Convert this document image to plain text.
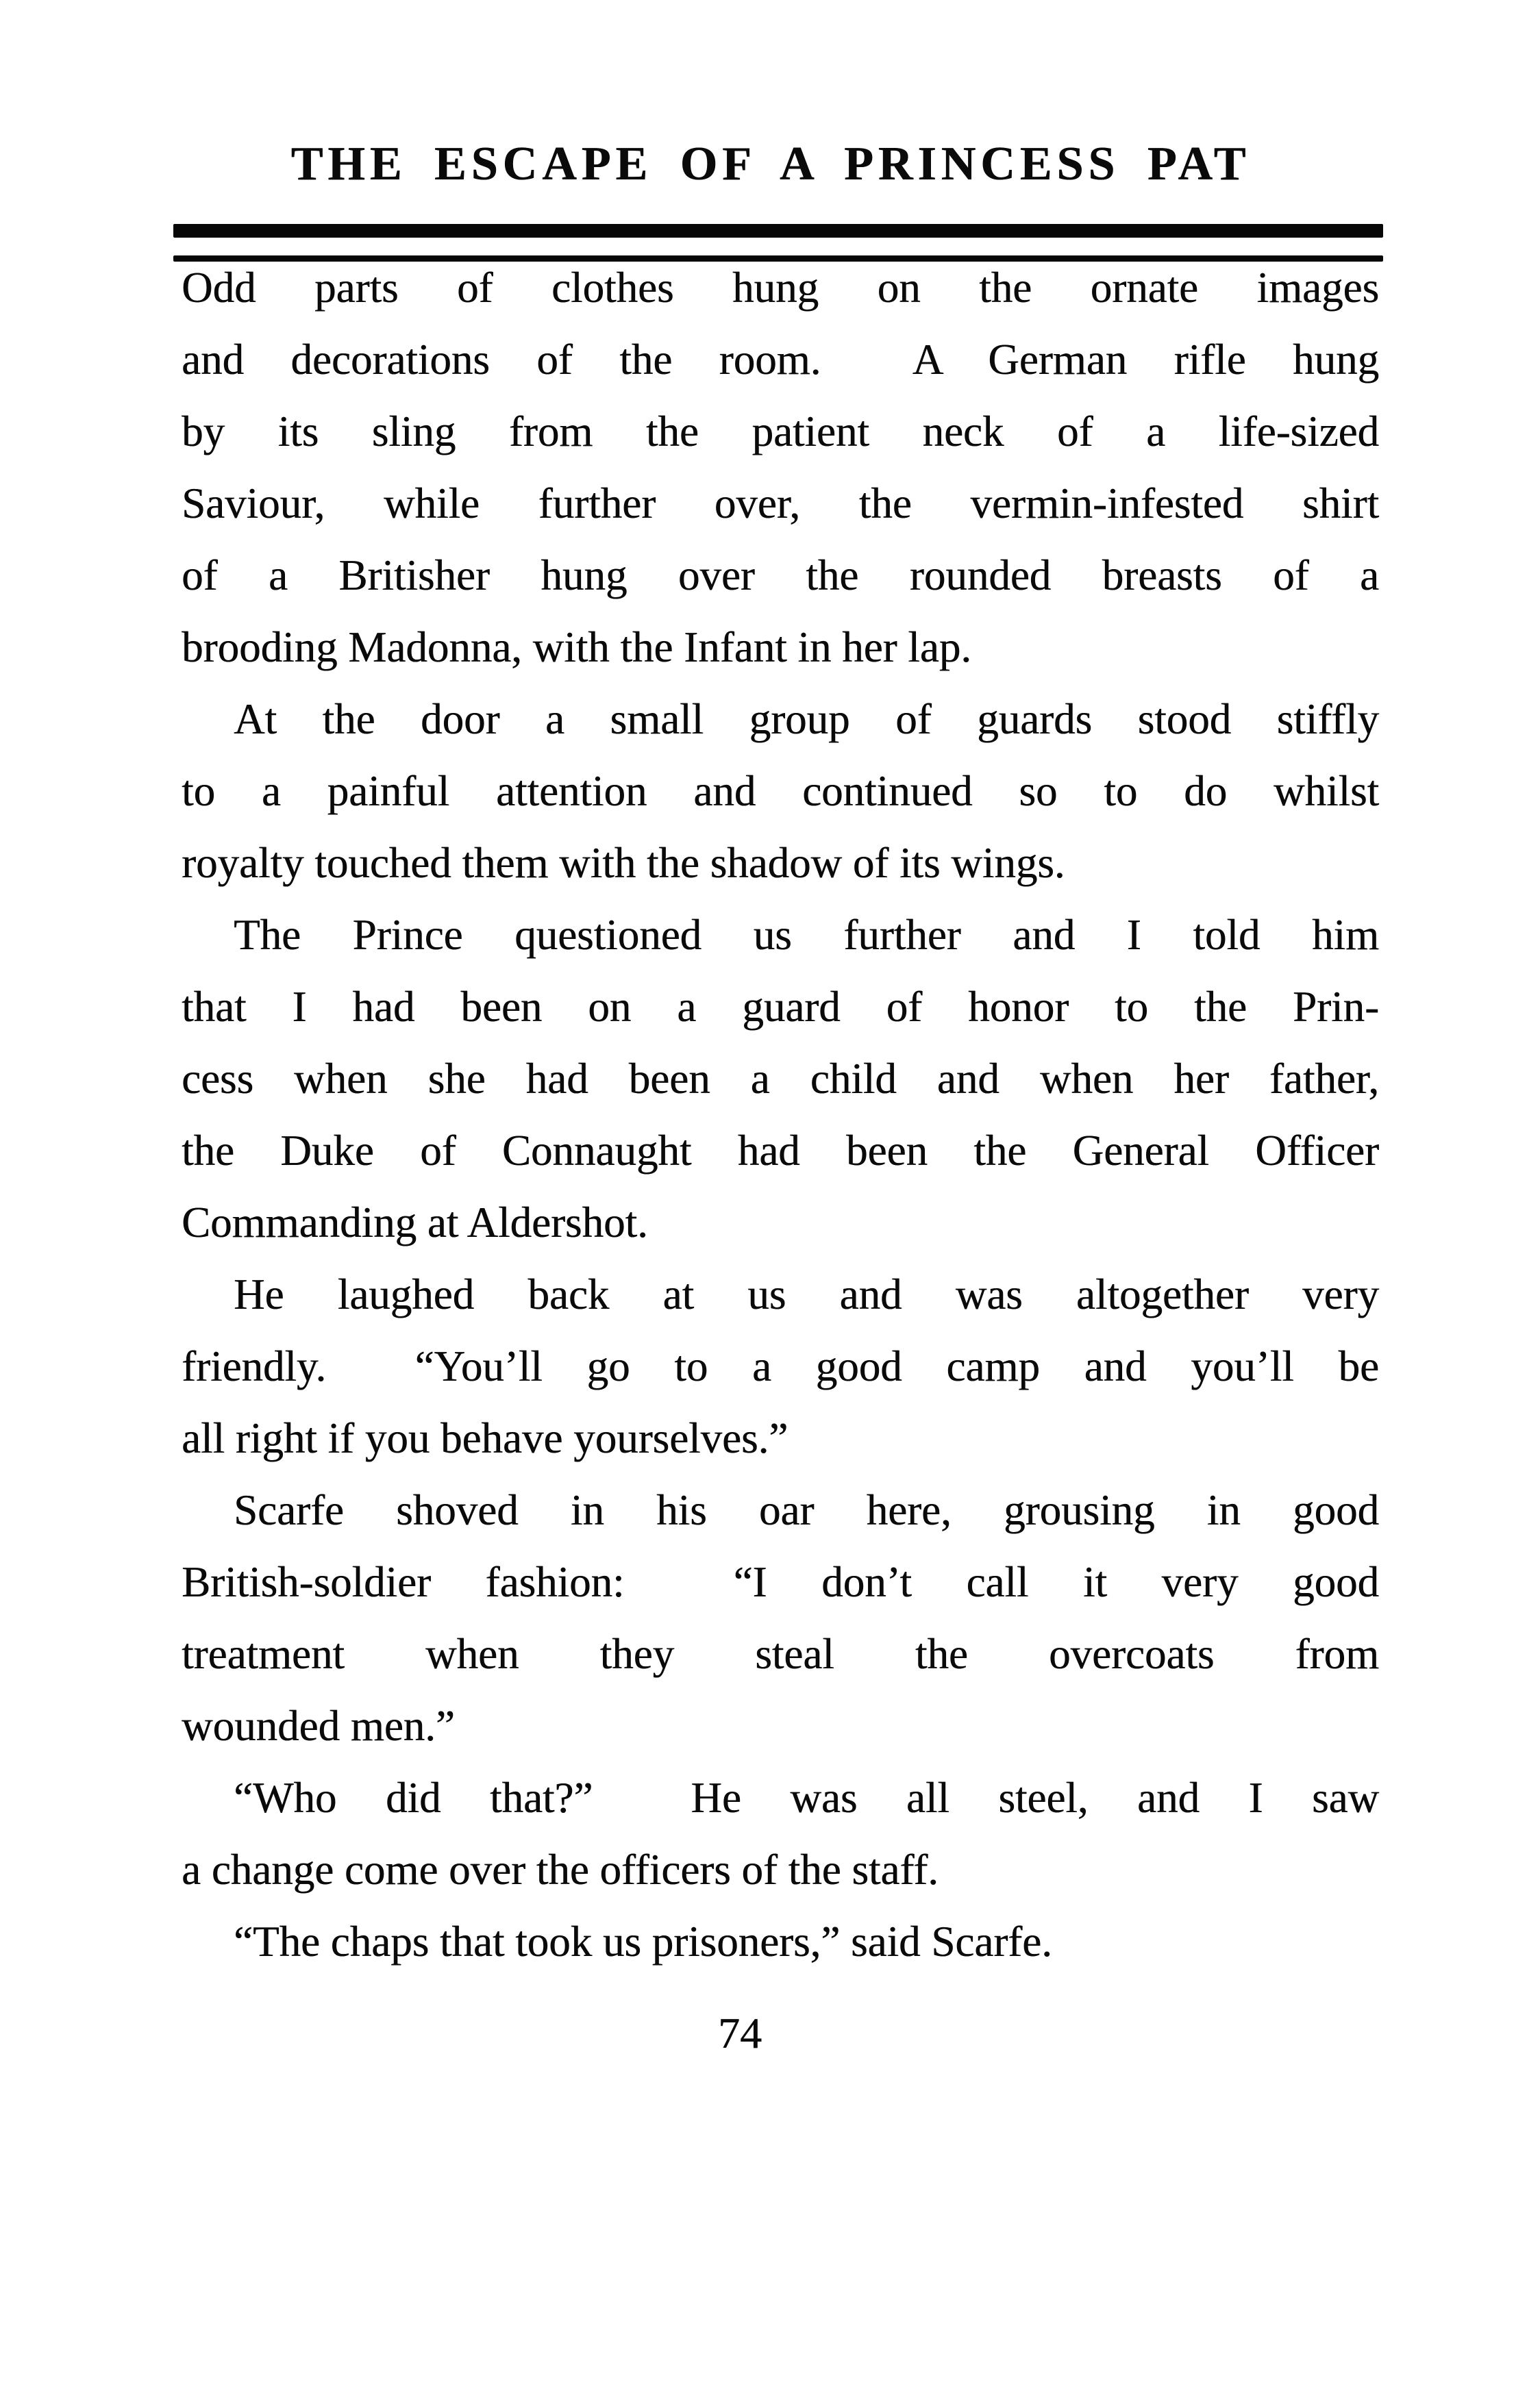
THE ESCAPE OF A PRINCESS PAT
Odd parts of clothes hung on the ornate images
and decorations of the room.  A German rifle hung
by its sling from the patient neck of a life-sized
Saviour, while further over, the vermin-infested shirt
of a Britisher hung over the rounded breasts of a
brooding Madonna, with the Infant in her lap.
At the door a small group of guards stood stiffly
to a painful attention and continued so to do whilst
royalty touched them with the shadow of its wings.
The Prince questioned us further and I told him
that I had been on a guard of honor to the Prin-
cess when she had been a child and when her father,
the Duke of Connaught had been the General Officer
Commanding at Aldershot.
He laughed back at us and was altogether very
friendly.  “You’ll go to a good camp and you’ll be
all right if you behave yourselves.”
Scarfe shoved in his oar here, grousing in good
British-soldier fashion:  “I don’t call it very good
treatment when they steal the overcoats from
wounded men.”
“Who did that?”  He was all steel, and I saw
a change come over the officers of the staff.
“The chaps that took us prisoners,” said Scarfe.
74
